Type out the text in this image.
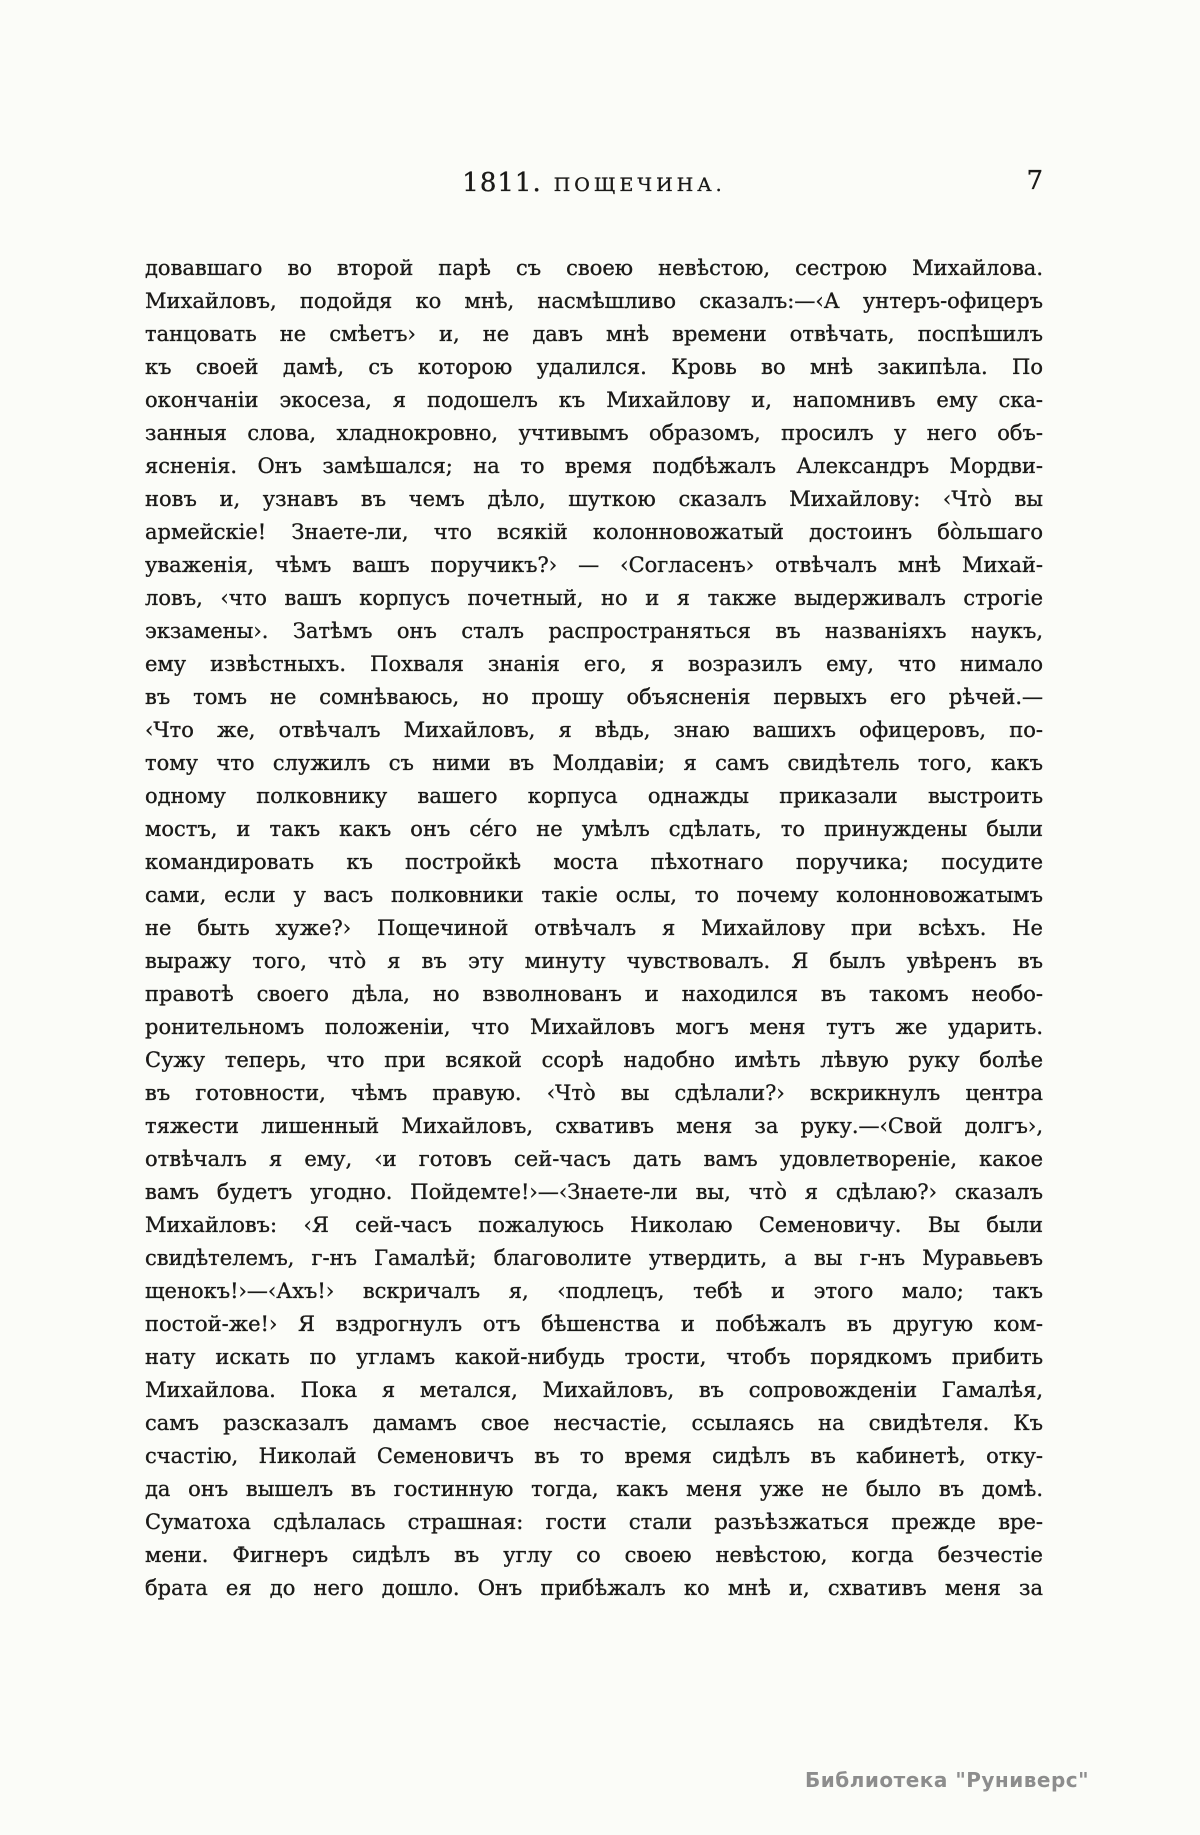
1811. ПОЩЕЧИНА.	7
довавшаго во второй парѣ съ своею невѣстою, сестрою Михайлова.
Михайловъ, подойдя ко мнѣ, насмѣшливо сказалъ:—‹А унтеръ-офицеръ
танцовать не смѣетъ› и, не давъ мнѣ времени отвѣчать, поспѣшилъ
къ своей дамѣ, съ которою удалился. Кровь во мнѣ закипѣла. По
окончаніи экосеза, я подошелъ къ Михайлову и, напомнивъ ему ска-
занныя слова, хладнокровно, учтивымъ образомъ, просилъ у него объ-
ясненія. Онъ замѣшался; на то время подбѣжалъ Александръ Мордви-
новъ и, узнавъ въ чемъ дѣло, шуткою сказалъ Михайлову: ‹Что̀ вы
армейскіе! Знаете-ли, что всякій колонновожатый достоинъ бо̀льшаго
уваженія, чѣмъ вашъ поручикъ?› — ‹Согласенъ› отвѣчалъ мнѣ Михай-
ловъ, ‹что вашъ корпусъ почетный, но и я также выдерживалъ строгіе
экзамены›. Затѣмъ онъ сталъ распространяться въ названіяхъ наукъ,
ему извѣстныхъ. Похваля знанія его, я возразилъ ему, что нимало
въ томъ не сомнѣваюсь, но прошу объясненія первыхъ его рѣчей.—
‹Что же, отвѣчалъ Михайловъ, я вѣдь, знаю вашихъ офицеровъ, по-
тому что служилъ съ ними въ Молдавіи; я самъ свидѣтель того, какъ
одному полковнику вашего корпуса однажды приказали выстроить
мостъ, и такъ какъ онъ се́го не умѣлъ сдѣлать, то принуждены были
командировать къ постройкѣ моста пѣхотнаго поручика; посудите
сами, если у васъ полковники такіе ослы, то почему колонновожатымъ
не быть хуже?› Пощечиной отвѣчалъ я Михайлову при всѣхъ. Не
выражу того, что̀ я въ эту минуту чувствовалъ. Я былъ увѣренъ въ
правотѣ своего дѣла, но взволнованъ и находился въ такомъ необо-
ронительномъ положеніи, что Михайловъ могъ меня тутъ же ударить.
Сужу теперь, что при всякой ссорѣ надобно имѣть лѣвую руку болѣе
въ готовности, чѣмъ правую. ‹Что̀ вы сдѣлали?› вскрикнулъ центра
тяжести лишенный Михайловъ, схвативъ меня за руку.—‹Свой долгъ›,
отвѣчалъ я ему, ‹и готовъ сей-часъ дать вамъ удовлетвореніе, какое
вамъ будетъ угодно. Пойдемте!›—‹Знаете-ли вы, что̀ я сдѣлаю?› сказалъ
Михайловъ: ‹Я сей-часъ пожалуюсь Николаю Семеновичу. Вы были
свидѣтелемъ, г-нъ Гамалѣй; благоволите утвердить, а вы г-нъ Муравьевъ
щенокъ!›—‹Ахъ!› вскричалъ я, ‹подлецъ, тебѣ и этого мало; такъ
постой-же!› Я вздрогнулъ отъ бѣшенства и побѣжалъ въ другую ком-
нату искать по угламъ какой-нибудь трости, чтобъ порядкомъ прибить
Михайлова. Пока я метался, Михайловъ, въ сопровожденіи Гамалѣя,
самъ разсказалъ дамамъ свое несчастіе, ссылаясь на свидѣтеля. Къ
счастію, Николай Семеновичъ въ то время сидѣлъ въ кабинетѣ, отку-
да онъ вышелъ въ гостинную тогда, какъ меня уже не было въ домѣ.
Суматоха сдѣлалась страшная: гости стали разъѣзжаться прежде вре-
мени. Фигнеръ сидѣлъ въ углу со своею невѣстою, когда безчестіе
брата ея до него дошло. Онъ прибѣжалъ ко мнѣ и, схвативъ меня за
Библиотека "Руниверс"
